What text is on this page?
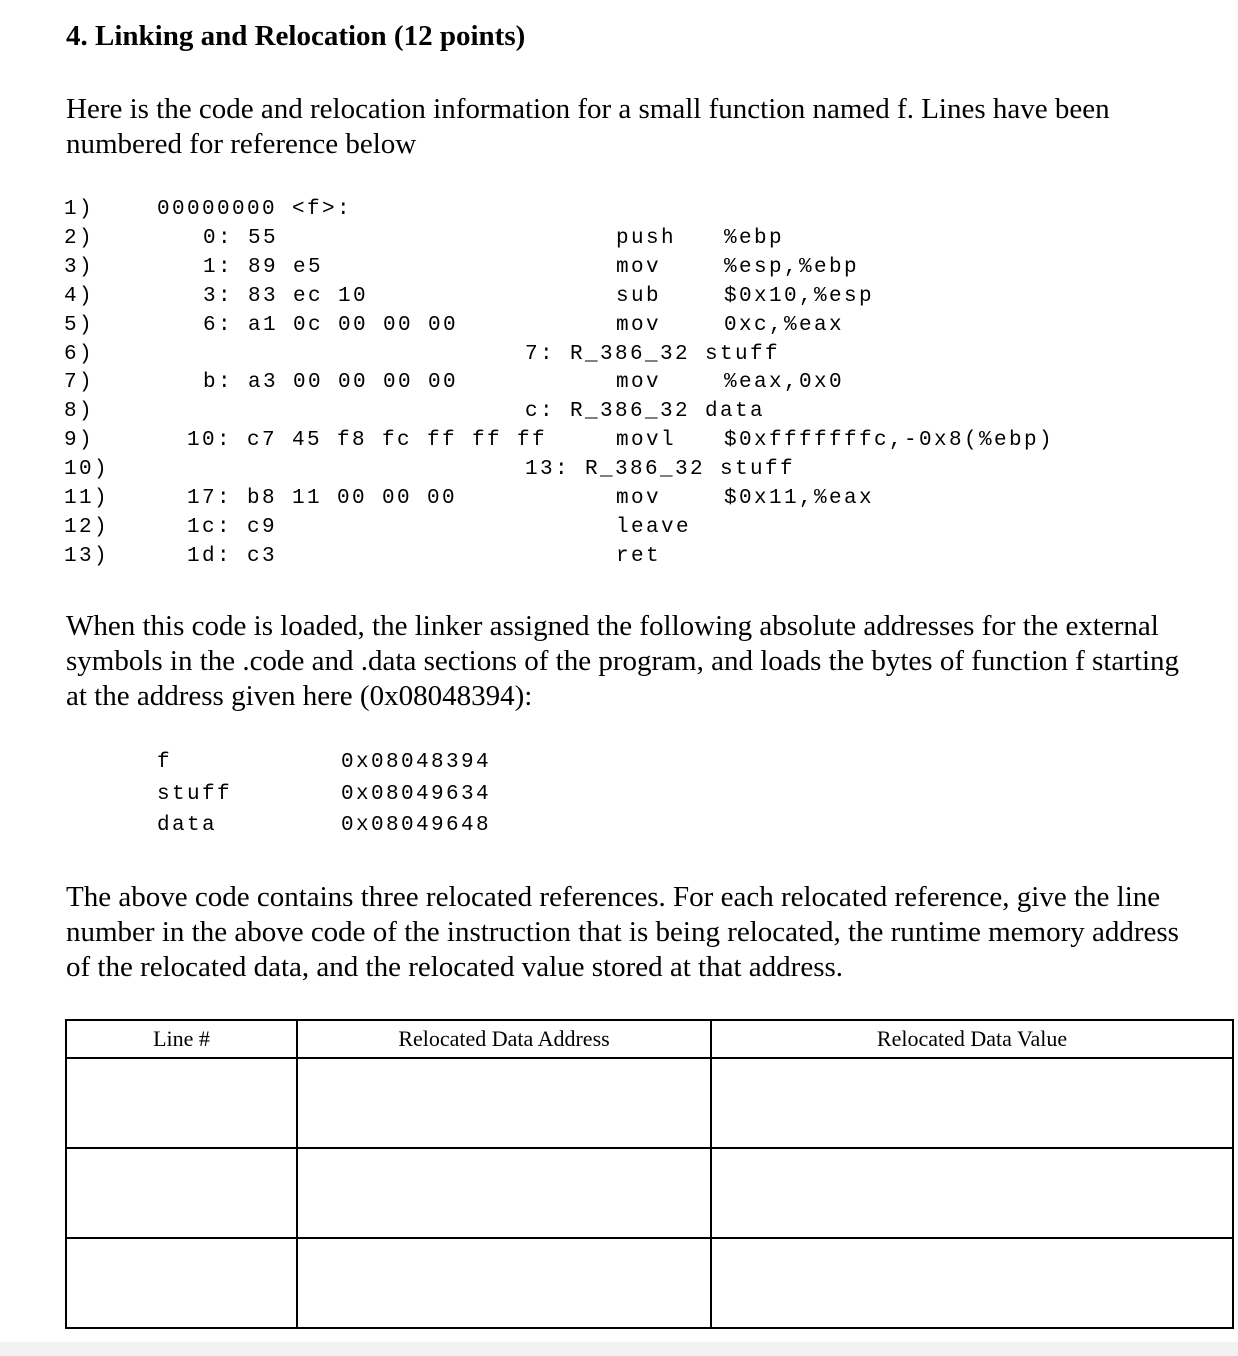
4. Linking and Relocation (12 points)

Here is the code and relocation information for a small function named f. Lines have been numbered for reference below

1)	00000000 <f>:
2)	0: 55	push %ebp
3)	1: 89 e5	mov	%esp,%ebp
4)	3: 83 ec 10	sub	$0x10,%esp
5)	6: a1 0c 00 00 00	mov	0xc,%eax
6)	7: R_386_32 stuff
7)	b: a3 00 00 00 00	mov	%eax,0x0
8)	c: R_386_32 data
9)	10: c7 45 f8 fc ff ff ff	movl $0xfffffffc,-0x8(%ebp)
10)	13: R_386_32 stuff
11)	17: b8 11 00 00 00	mov	$0x11,%eax
12)	1c: c9	leave
13)	1d: c3	ret

When this code is loaded, the linker assigned the following absolute addresses for the external symbols in the .code and .data sections of the program, and loads the bytes of function f starting at the address given here (0x08048394):

f	0x08048394
stuff	0x08049634
data	0x08049648

The above code contains three relocated references. For each relocated reference, give the line number in the above code of the instruction that is being relocated, the runtime memory address of the relocated data, and the relocated value stored at that address.

Line #	Relocated Data Address	Relocated Data Value
